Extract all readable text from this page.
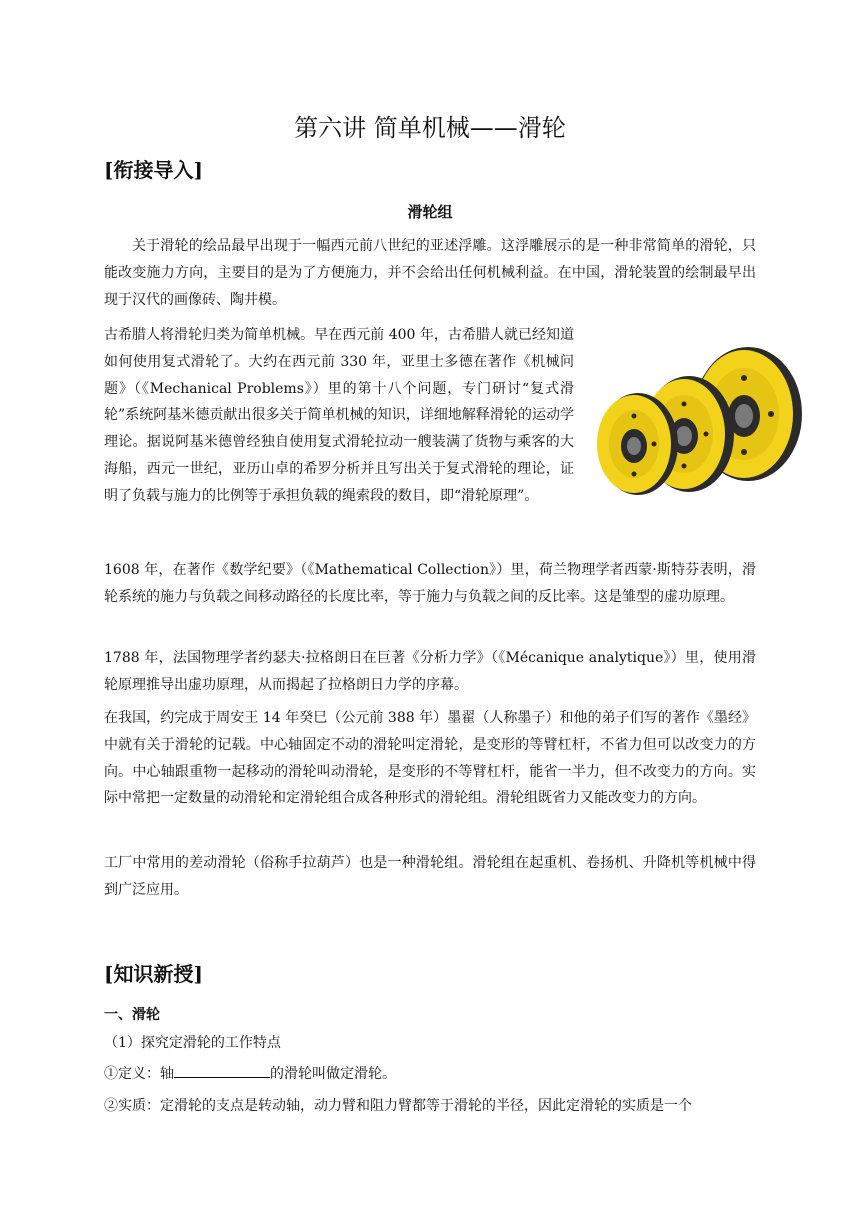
第六讲 简单机械——滑轮
[衔接导入]
滑轮组

关于滑轮的绘品最早出现于一幅西元前八世纪的亚述浮雕。这浮雕展示的是一种非常简单的滑轮，只能改变施力方向，主要目的是为了方便施力，并不会给出任何机械利益。在中国，滑轮装置的绘制最早出现于汉代的画像砖、陶井模。

古希腊人将滑轮归类为简单机械。早在西元前 400 年，古希腊人就已经知道如何使用复式滑轮了。大约在西元前 330 年，亚里士多德在著作《机械问题》（《Mechanical Problems》）里的第十八个问题，专门研讨“复式滑轮”系统阿基米德贡献出很多关于简单机械的知识，详细地解释滑轮的运动学理论。据说阿基米德曾经独自使用复式滑轮拉动一艘装满了货物与乘客的大海船，西元一世纪，亚历山卓的希罗分析并且写出关于复式滑轮的理论，证明了负载与施力的比例等于承担负载的绳索段的数目，即“滑轮原理”。

1608 年，在著作《数学纪要》（《Mathematical Collection》）里，荷兰物理学者西蒙·斯特芬表明，滑轮系统的施力与负载之间移动路径的长度比率，等于施力与负载之间的反比率。这是雏型的虚功原理。

1788 年，法国物理学者约瑟夫·拉格朗日在巨著《分析力学》（《Mécanique analytique》）里，使用滑轮原理推导出虚功原理，从而揭起了拉格朗日力学的序幕。

在我国，约完成于周安王 14 年癸巳（公元前 388 年）墨翟（人称墨子）和他的弟子们写的著作《墨经》中就有关于滑轮的记载。中心轴固定不动的滑轮叫定滑轮，是变形的等臂杠杆，不省力但可以改变力的方向。中心轴跟重物一起移动的滑轮叫动滑轮，是变形的不等臂杠杆，能省一半力，但不改变力的方向。实际中常把一定数量的动滑轮和定滑轮组合成各种形式的滑轮组。滑轮组既省力又能改变力的方向。

工厂中常用的差动滑轮（俗称手拉葫芦）也是一种滑轮组。滑轮组在起重机、卷扬机、升降机等机械中得到广泛应用。

[知识新授]
一、滑轮
（1）探究定滑轮的工作特点
①定义：轴	的滑轮叫做定滑轮。
②实质：定滑轮的支点是转动轴，动力臂和阻力臂都等于滑轮的半径，因此定滑轮的实质是一个
